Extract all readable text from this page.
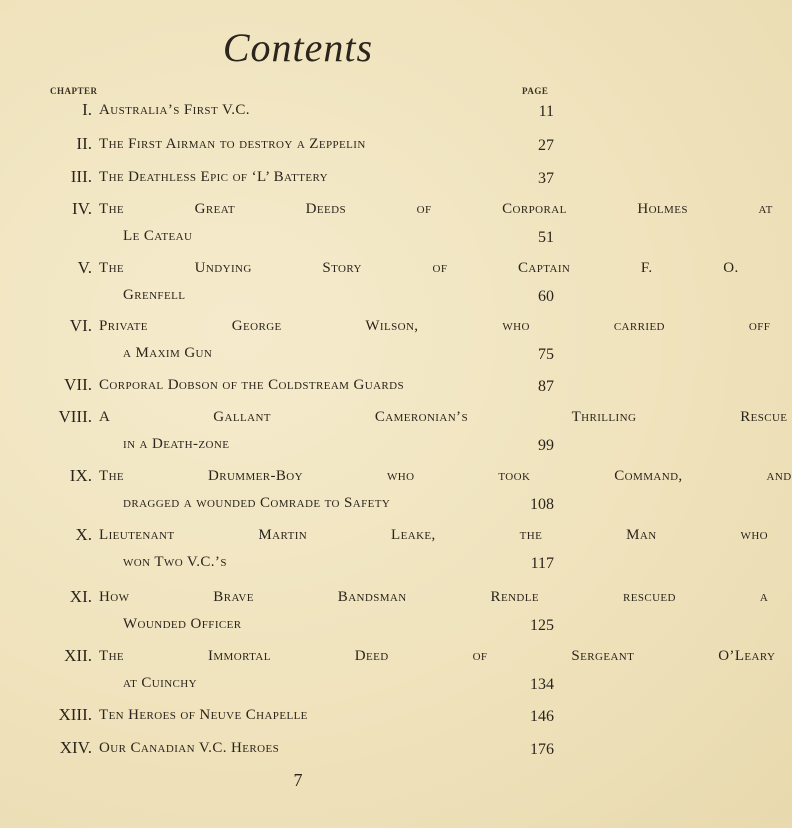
Contents
CHAPTER	PAGE
I. Australia’s First V.C.	11
II. The First Airman to destroy a Zeppelin	27
III. The Deathless Epic of ‘L’ Battery	37
IV. The Great Deeds of Corporal Holmes at
Le Cateau	51
V. The Undying Story of Captain F. O.
Grenfell	60
VI. Private George Wilson, who carried off
a Maxim Gun	75
VII. Corporal Dobson of the Coldstream Guards	87
VIII. A Gallant Cameronian’s Thrilling Rescue
in a Death-zone	99
IX. The Drummer-Boy who took Command, and
dragged a wounded Comrade to Safety	108
X. Lieutenant Martin Leake, the Man who
won Two V.C.’s	117
XI. How Brave Bandsman Rendle rescued a
Wounded Officer	125
XII. The Immortal Deed of Sergeant O’Leary
at Cuinchy	134
XIII. Ten Heroes of Neuve Chapelle	146
XIV. Our Canadian V.C. Heroes	176
7
